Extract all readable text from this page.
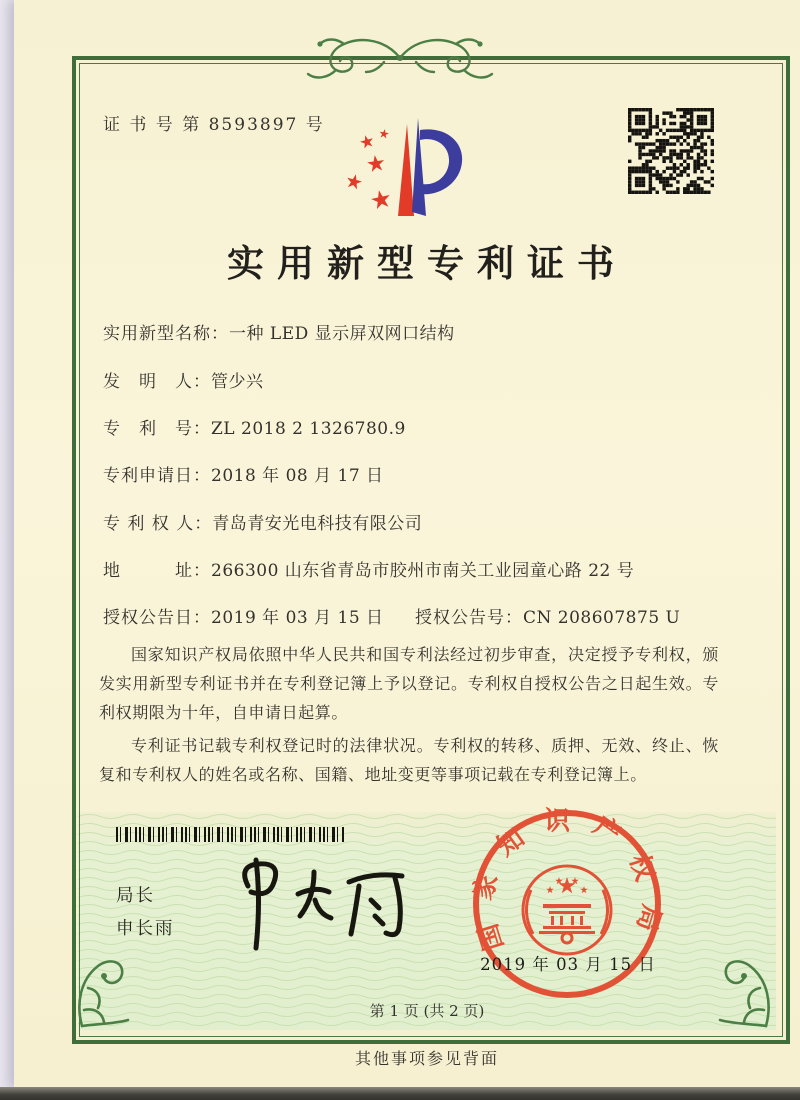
证 书 号 第 8593897 号
实用新型专利证书
实用新型名称：一种 LED 显示屏双网口结构
发　明　人：管少兴
专　利　号：ZL 2018 2 1326780.9
专利申请日：2018 年 08 月 17 日
专 利 权 人：青岛青安光电科技有限公司
地　　　址：266300 山东省青岛市胶州市南关工业园童心路 22 号
授权公告日：2019 年 03 月 15 日 授权公告号：CN 208607875 U

国家知识产权局依照中华人民共和国专利法经过初步审查，决定授予专利权，颁发实用新型专利证书并在专利登记簿上予以登记。专利权自授权公告之日起生效。专利权期限为十年，自申请日起算。

专利证书记载专利权登记时的法律状况。专利权的转移、质押、无效、终止、恢复和专利权人的姓名或名称、国籍、地址变更等事项记载在专利登记簿上。

局长
申长雨	国家知识产权局
2019 年 03 月 15 日
第 1 页 (共 2 页)
其他事项参见背面
